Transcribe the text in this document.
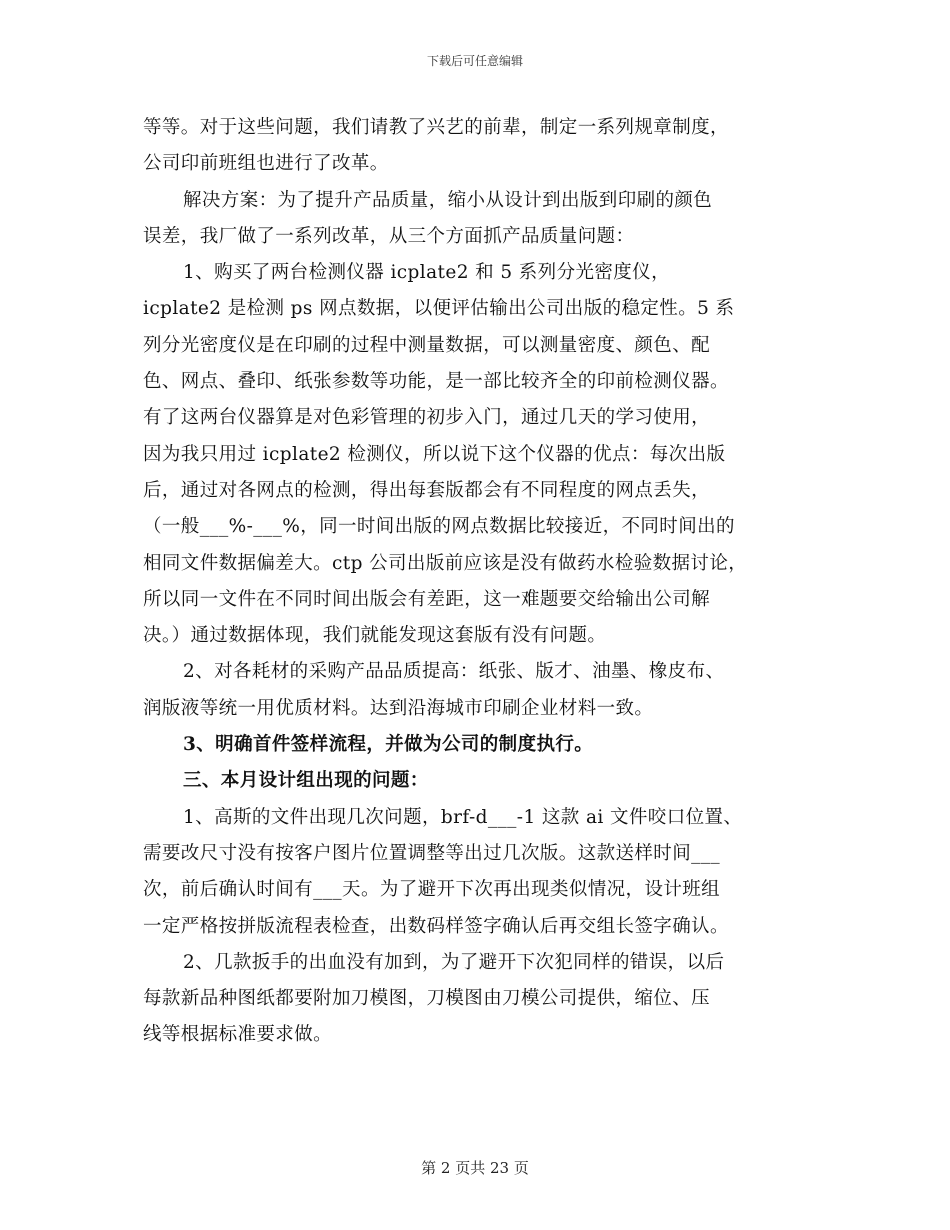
下载后可任意编辑
等等。对于这些问题，我们请教了兴艺的前辈，制定一系列规章制度，
公司印前班组也进行了改革。
解决方案：为了提升产品质量，缩小从设计到出版到印刷的颜色
误差，我厂做了一系列改革，从三个方面抓产品质量问题：
1、购买了两台检测仪器 icplate2 和 5 系列分光密度仪，
icplate2 是检测 ps 网点数据，以便评估输出公司出版的稳定性。5 系
列分光密度仪是在印刷的过程中测量数据，可以测量密度、颜色、配
色、网点、叠印、纸张参数等功能，是一部比较齐全的印前检测仪器。
有了这两台仪器算是对色彩管理的初步入门，通过几天的学习使用，
因为我只用过 icplate2 检测仪，所以说下这个仪器的优点：每次出版
后，通过对各网点的检测，得出每套版都会有不同程度的网点丢失，
（一般___%-___%，同一时间出版的网点数据比较接近，不同时间出的
相同文件数据偏差大。ctp 公司出版前应该是没有做药水检验数据讨论，
所以同一文件在不同时间出版会有差距，这一难题要交给输出公司解
决。）通过数据体现，我们就能发现这套版有没有问题。
2、对各耗材的采购产品品质提高：纸张、版才、油墨、橡皮布、
润版液等统一用优质材料。达到沿海城市印刷企业材料一致。
3、明确首件签样流程，并做为公司的制度执行。
三、本月设计组出现的问题：
1、高斯的文件出现几次问题，brf-d___-1 这款 ai 文件咬口位置、
需要改尺寸没有按客户图片位置调整等出过几次版。这款送样时间___
次，前后确认时间有___天。为了避开下次再出现类似情况，设计班组
一定严格按拼版流程表检查，出数码样签字确认后再交组长签字确认。
2、几款扳手的出血没有加到，为了避开下次犯同样的错误，以后
每款新品种图纸都要附加刀模图，刀模图由刀模公司提供，缩位、压
线等根据标准要求做。
第 2 页共 23 页
